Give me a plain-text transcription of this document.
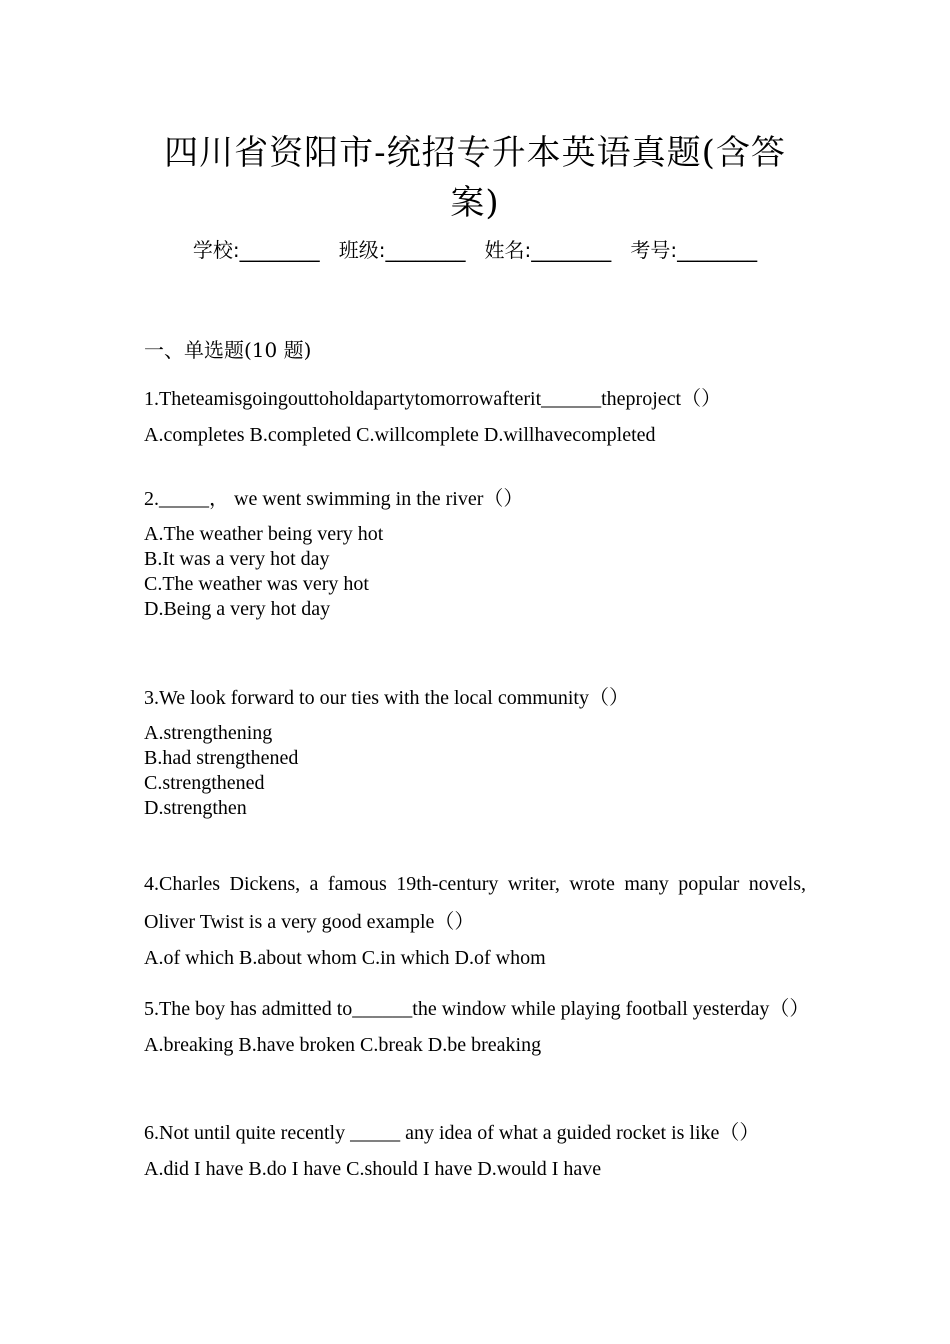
四川省资阳市-统招专升本英语真题(含答案)
学校:________ 班级:________ 姓名:________ 考号:________
一、单选题(10 题)

1.Theteamisgoingouttoholdapartytomorrowafterit______theproject（）

A.completes B.completed C.willcomplete D.willhavecompleted

2._____， we went swimming in the river（）

A.The weather being very hot
B.It was a very hot day
C.The weather was very hot
D.Being a very hot day

3.We look forward to our ties with the local community（）

A.strengthening
B.had strengthened
C.strengthened
D.strengthen

4.Charles Dickens, a famous 19th-century writer, wrote many popular novels, Oliver Twist is a very good example（）

A.of which B.about whom C.in which D.of whom

5.The boy has admitted to______the window while playing football yesterday（）

A.breaking B.have broken C.break D.be breaking

6.Not until quite recently _____ any idea of what a guided rocket is like（）

A.did I have B.do I have C.should I have D.would I have
